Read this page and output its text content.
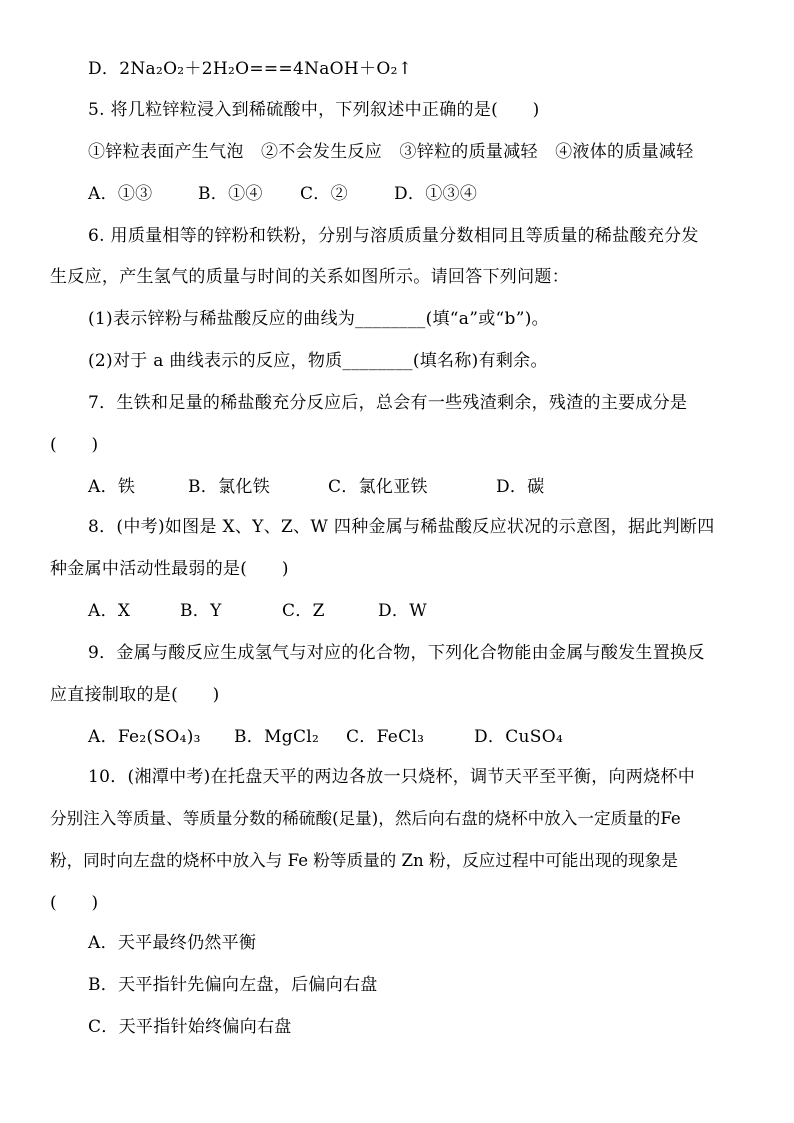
D．2Na₂O₂＋2H₂O===4NaOH＋O₂↑
5. 将几粒锌粒浸入到稀硫酸中，下列叙述中正确的是(　　)
①锌粒表面产生气泡　②不会发生反应　③锌粒的质量减轻　④液体的质量减轻
A．①③	B．①④ C．②	D．①③④
6. 用质量相等的锌粉和铁粉，分别与溶质质量分数相同且等质量的稀盐酸充分发
生反应，产生氢气的质量与时间的关系如图所示。请回答下列问题：
(1)表示锌粉与稀盐酸反应的曲线为________(填“a”或“b”)。
(2)对于 a 曲线表示的反应，物质________(填名称)有剩余。
7．生铁和足量的稀盐酸充分反应后，总会有一些残渣剩余，残渣的主要成分是
(　　)
A．铁	B．氯化铁	C．氯化亚铁	D．碳
8．(中考)如图是 X、Y、Z、W 四种金属与稀盐酸反应状况的示意图，据此判断四
种金属中活动性最弱的是(　　)
A．X	B．Y	C．Z	D．W
9．金属与酸反应生成氢气与对应的化合物，下列化合物能由金属与酸发生置换反
应直接制取的是(　　)
A．Fe₂(SO₄)₃ B．MgCl₂ C．FeCl₃	D．CuSO₄
10．(湘潭中考)在托盘天平的两边各放一只烧杯，调节天平至平衡，向两烧杯中
分别注入等质量、等质量分数的稀硫酸(足量)，然后向右盘的烧杯中放入一定质量的Fe
粉，同时向左盘的烧杯中放入与 Fe 粉等质量的 Zn 粉，反应过程中可能出现的现象是
(　　)
A．天平最终仍然平衡
B．天平指针先偏向左盘，后偏向右盘
C．天平指针始终偏向右盘
